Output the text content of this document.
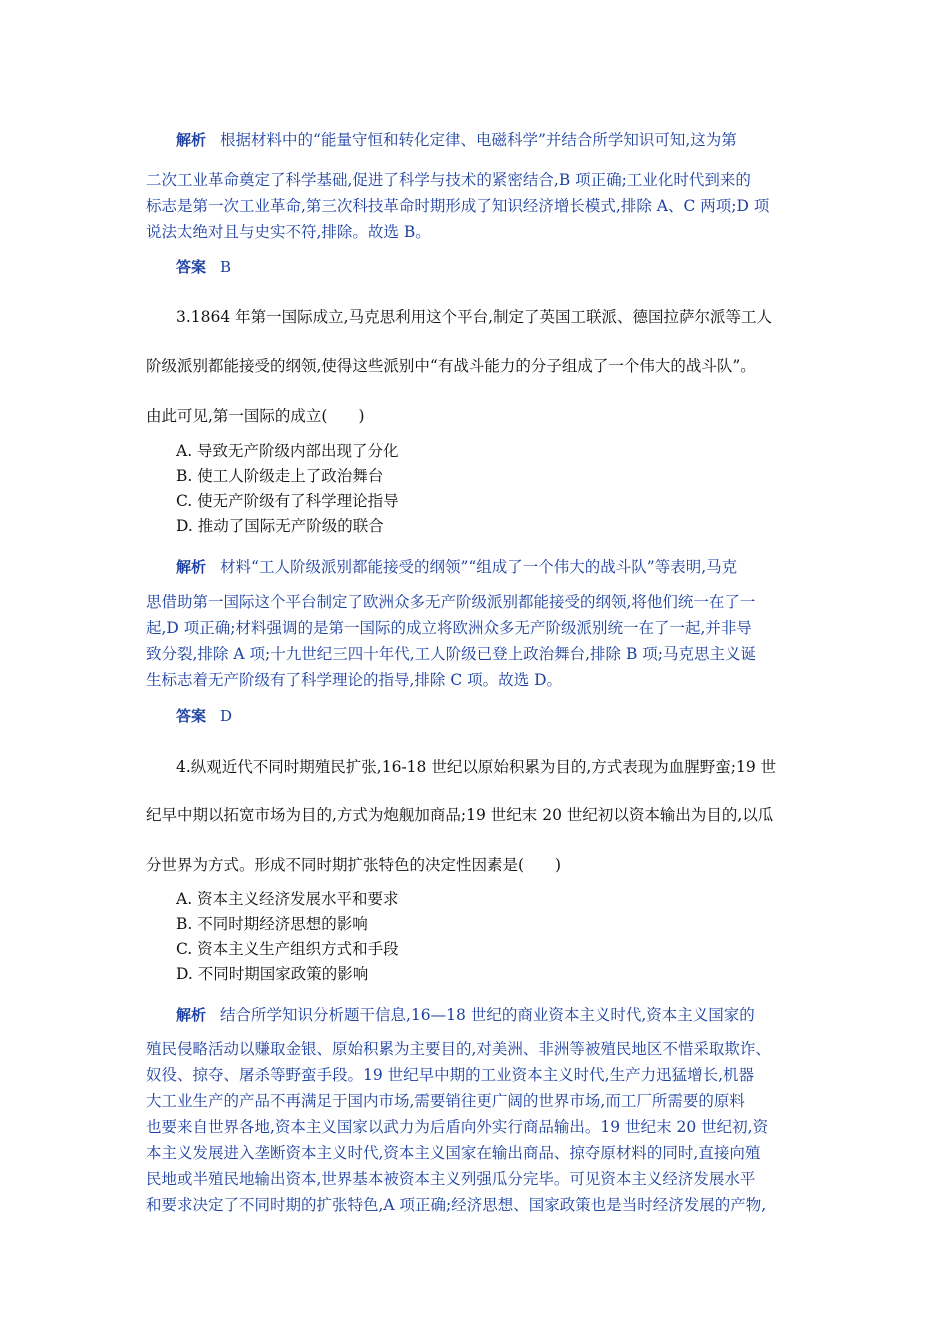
解析 根据材料中的“能量守恒和转化定律、电磁科学”并结合所学知识可知,这为第
二次工业革命奠定了科学基础,促进了科学与技术的紧密结合,B 项正确;工业化时代到来的
标志是第一次工业革命,第三次科技革命时期形成了知识经济增长模式,排除 A、C 两项;D 项
说法太绝对且与史实不符,排除。故选 B。
答案 B
3.1864 年第一国际成立,马克思利用这个平台,制定了英国工联派、德国拉萨尔派等工人
阶级派别都能接受的纲领,使得这些派别中“有战斗能力的分子组成了一个伟大的战斗队”。
由此可见,第一国际的成立(　　)
A. 导致无产阶级内部出现了分化
B. 使工人阶级走上了政治舞台
C. 使无产阶级有了科学理论指导
D. 推动了国际无产阶级的联合
解析 材料“工人阶级派别都能接受的纲领”“组成了一个伟大的战斗队”等表明,马克
思借助第一国际这个平台制定了欧洲众多无产阶级派别都能接受的纲领,将他们统一在了一
起,D 项正确;材料强调的是第一国际的成立将欧洲众多无产阶级派别统一在了一起,并非导
致分裂,排除 A 项;十九世纪三四十年代,工人阶级已登上政治舞台,排除 B 项;马克思主义诞
生标志着无产阶级有了科学理论的指导,排除 C 项。故选 D。
答案 D
4.纵观近代不同时期殖民扩张,16-18 世纪以原始积累为目的,方式表现为血腥野蛮;19 世
纪早中期以拓宽市场为目的,方式为炮舰加商品;19 世纪末 20 世纪初以资本输出为目的,以瓜
分世界为方式。形成不同时期扩张特色的决定性因素是(　　)
A. 资本主义经济发展水平和要求
B. 不同时期经济思想的影响
C. 资本主义生产组织方式和手段
D. 不同时期国家政策的影响
解析 结合所学知识分析题干信息,16—18 世纪的商业资本主义时代,资本主义国家的
殖民侵略活动以赚取金银、原始积累为主要目的,对美洲、非洲等被殖民地区不惜采取欺诈、
奴役、掠夺、屠杀等野蛮手段。19 世纪早中期的工业资本主义时代,生产力迅猛增长,机器
大工业生产的产品不再满足于国内市场,需要销往更广阔的世界市场,而工厂所需要的原料
也要来自世界各地,资本主义国家以武力为后盾向外实行商品输出。19 世纪末 20 世纪初,资
本主义发展进入垄断资本主义时代,资本主义国家在输出商品、掠夺原材料的同时,直接向殖
民地或半殖民地输出资本,世界基本被资本主义列强瓜分完毕。可见资本主义经济发展水平
和要求决定了不同时期的扩张特色,A 项正确;经济思想、国家政策也是当时经济发展的产物,
